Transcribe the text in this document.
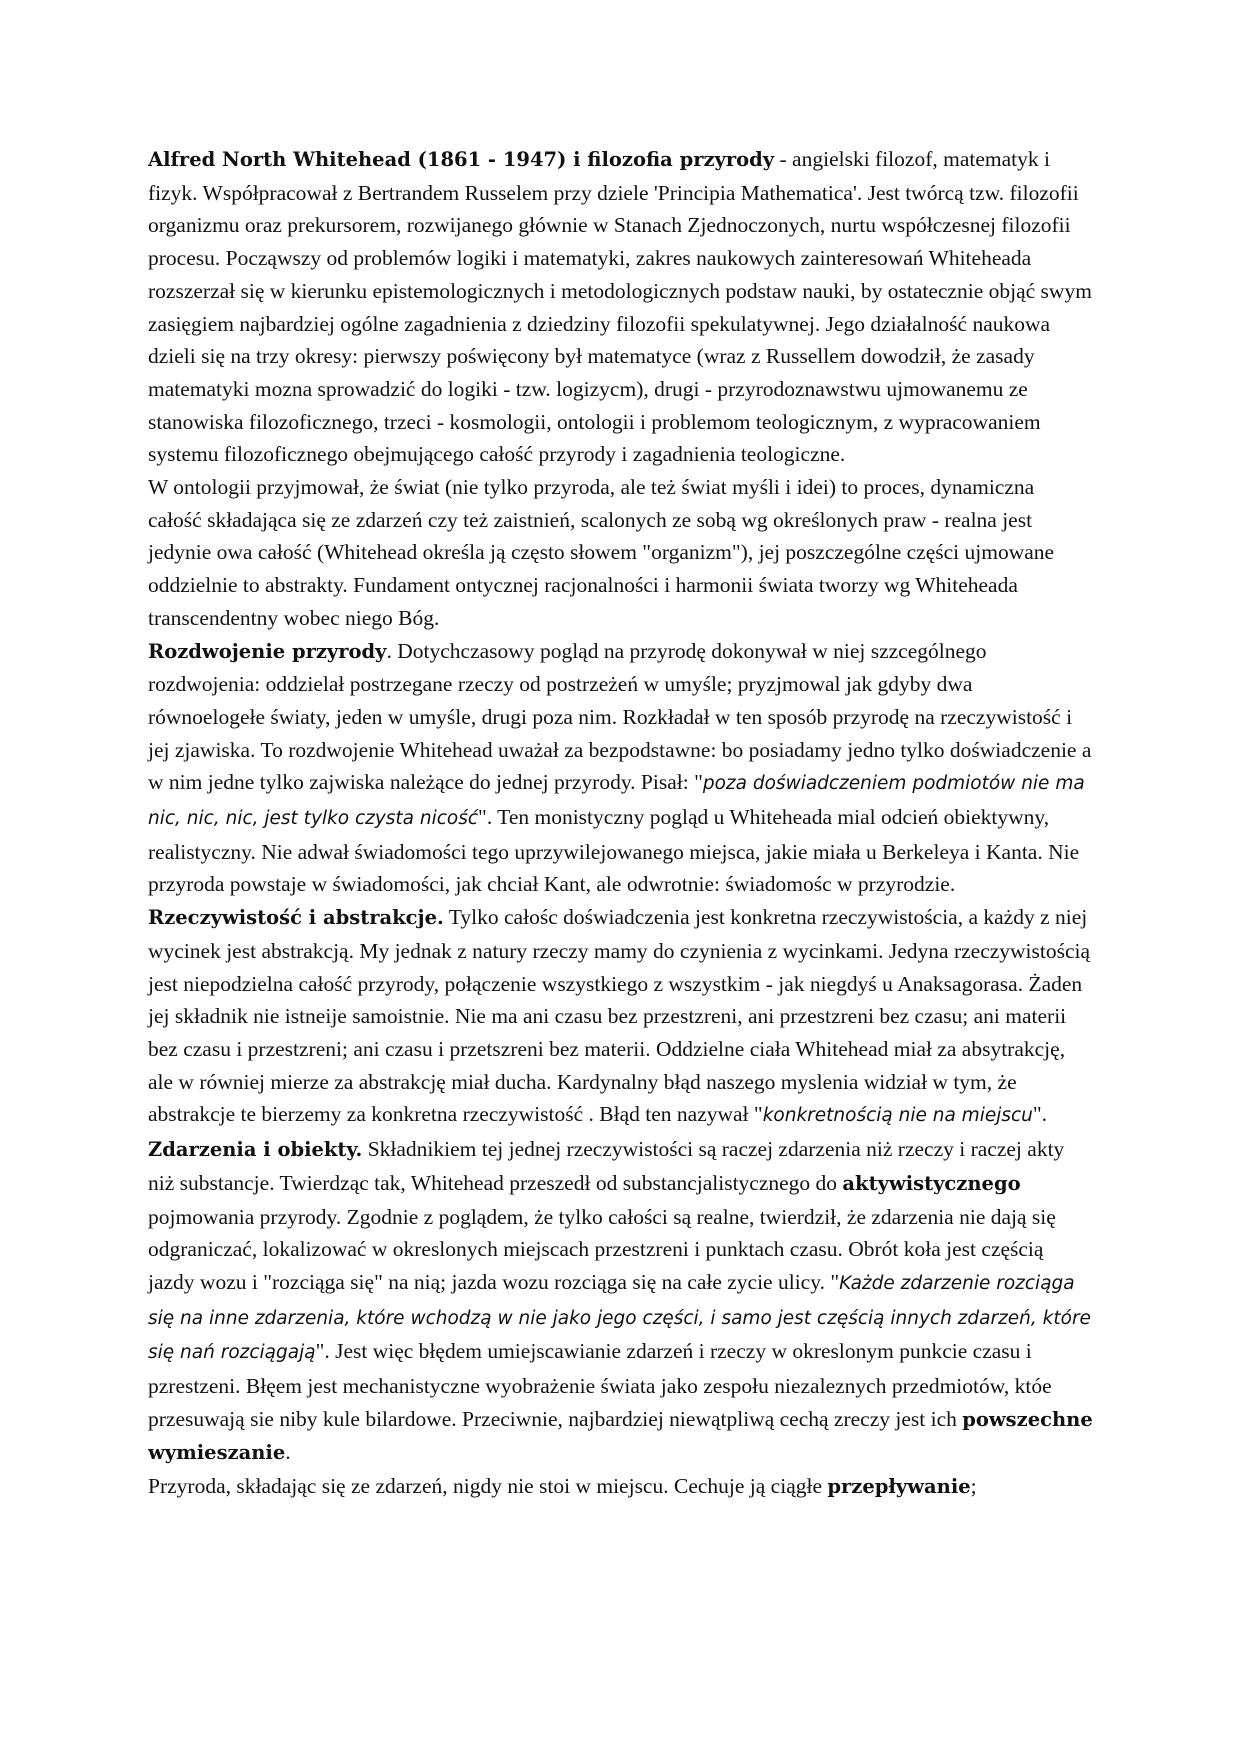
Alfred North Whitehead (1861 - 1947) i filozofia przyrody - angielski filozof, matematyk i fizyk. Współpracował z Bertrandem Russelem przy dziele 'Principia Mathematica'. Jest twórcą tzw. filozofii organizmu oraz prekursorem, rozwijanego głównie w Stanach Zjednoczonych, nurtu współczesnej filozofii procesu. Począwszy od problemów logiki i matematyki, zakres naukowych zainteresowań Whiteheada rozszerzał się w kierunku epistemologicznych i metodologicznych podstaw nauki, by ostatecznie objąć swym zasięgiem najbardziej ogólne zagadnienia z dziedziny filozofii spekulatywnej. Jego działalność naukowa dzieli się na trzy okresy: pierwszy poświęcony był matematyce (wraz z Russellem dowodził, że zasady matematyki mozna sprowadzić do logiki - tzw. logizycm), drugi - przyrodoznawstwu ujmowanemu ze stanowiska filozoficznego, trzeci - kosmologii, ontologii i problemom teologicznym, z wypracowaniem systemu filozoficznego obejmującego całość przyrody i zagadnienia teologiczne.

W ontologii przyjmował, że świat (nie tylko przyroda, ale też świat myśli i idei) to proces, dynamiczna całość składająca się ze zdarzeń czy też zaistnień, scalonych ze sobą wg określonych praw - realna jest jedynie owa całość (Whitehead określa ją często słowem "organizm"), jej poszczególne części ujmowane oddzielnie to abstrakty. Fundament ontycznej racjonalności i harmonii świata tworzy wg Whiteheada transcendentny wobec niego Bóg.

Rozdwojenie przyrody. Dotychczasowy pogląd na przyrodę dokonywał w niej szzcególnego rozdwojenia: oddzielał postrzegane rzeczy od postrzeżeń w umyśle; pryzjmowal jak gdyby dwa równoelogełe światy, jeden w umyśle, drugi poza nim. Rozkładał w ten sposób przyrodę na rzeczywistość i jej zjawiska. To rozdwojenie Whitehead uważał za bezpodstawne: bo posiadamy jedno tylko doświadczenie a w nim jedne tylko zajwiska należące do jednej przyrody. Pisał: "poza doświadczeniem podmiotów nie ma nic, nic, nic, jest tylko czysta nicość". Ten monistyczny pogląd u Whiteheada mial odcień obiektywny, realistyczny. Nie adwał świadomości tego uprzywilejowanego miejsca, jakie miała u Berkeleya i Kanta. Nie przyroda powstaje w świadomości, jak chciał Kant, ale odwrotnie: świadomośc w przyrodzie.

Rzeczywistość i abstrakcje. Tylko całośc doświadczenia jest konkretna rzeczywistościa, a każdy z niej wycinek jest abstrakcją. My jednak z natury rzeczy mamy do czynienia z wycinkami. Jedyna rzeczywistością jest niepodzielna całość przyrody, połączenie wszystkiego z wszystkim - jak niegdyś u Anaksagorasa. Żaden jej składnik nie istneije samoistnie. Nie ma ani czasu bez przestzreni, ani przestzreni bez czasu; ani materii bez czasu i przestzreni; ani czasu i przetszreni bez materii. Oddzielne ciała Whitehead miał za absytrakcję, ale w równiej mierze za abstrakcję miał ducha. Kardynalny błąd naszego myslenia widział w tym, że abstrakcje te bierzemy za konkretna rzeczywistość . Błąd ten nazywał "konkretnością nie na miejscu".

Zdarzenia i obiekty. Składnikiem tej jednej rzeczywistości są raczej zdarzenia niż rzeczy i raczej akty niż substancje. Twierdząc tak, Whitehead przeszedł od substancjalistycznego do aktywistycznego pojmowania przyrody. Zgodnie z poglądem, że tylko całości są realne, twierdził, że zdarzenia nie dają się odgraniczać, lokalizować w okreslonych miejscach przestzreni i punktach czasu. Obrót koła jest częścią jazdy wozu i "rozciąga się" na nią; jazda wozu rozciąga się na całe zycie ulicy. "Każde zdarzenie rozciąga się na inne zdarzenia, które wchodzą w nie jako jego części, i samo jest częścią innych zdarzeń, które się nań rozciągają". Jest więc błędem umiejscawianie zdarzeń i rzeczy w okreslonym punkcie czasu i pzrestzeni. Błęem jest mechanistyczne wyobrażenie świata jako zespołu niezaleznych przedmiotów, któe przesuwają sie niby kule bilardowe. Przeciwnie, najbardziej niewątpliwą cechą zreczy jest ich powszechne wymieszanie.

Przyroda, składając się ze zdarzeń, nigdy nie stoi w miejscu. Cechuje ją ciągłe przepływanie;
